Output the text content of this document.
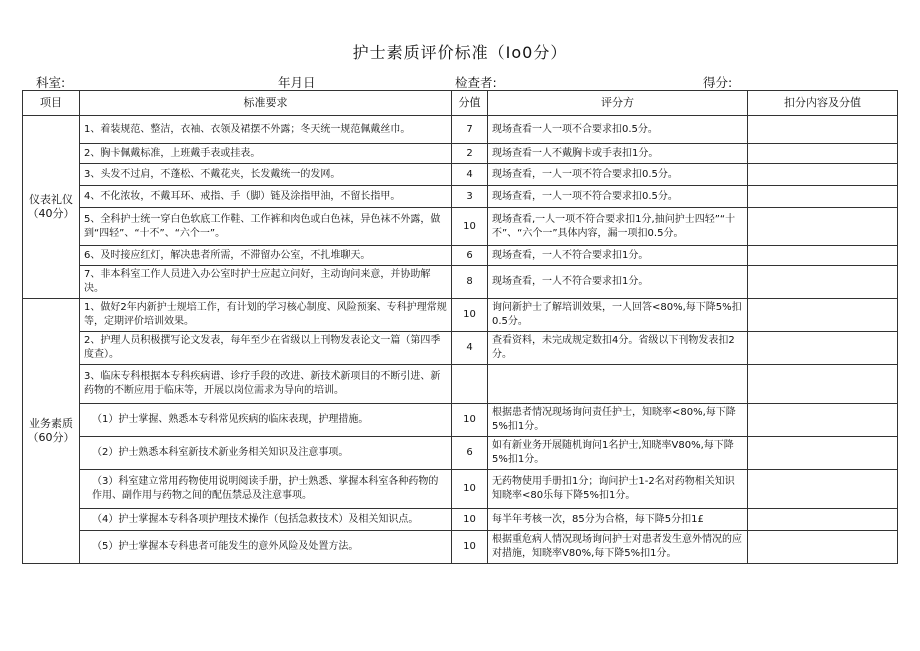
护士素质评价标准（Io0分）
科室:	年月日	检查者:	得分:
项目	标准要求	分值	评分方	扣分内容及分值
仪表礼仪（40分）	1、着装规范、整洁，衣袖、衣领及裙摆不外露；冬天统一规范佩戴丝巾。	7	现场查看一人一项不合要求扣0.5分。	
	2、胸卡佩戴标准，上班戴手表或挂表。	2	现场查看一人不戴胸卡或手表扣1分。	
	3、头发不过肩，不蓬松、不戴花夹，长发戴统一的发网。	4	现场查看，一人一项不符合要求扣0.5分。	
	4、不化浓妆，不戴耳环、戒指、手（脚）链及涂指甲油，不留长指甲。	3	现场查看，一人一项不符合要求扣0.5分。	
	5、全科护士统一穿白色软底工作鞋、工作裤和肉色或白色袜，异色袜不外露，做到“四轻”、“十不”、“六个一”。	10	现场查看,一人一项不符合要求扣1分,抽问护士四轻”“十不”、“六个一”具体内容，漏一项扣0.5分。	
	6、及时接应红灯，解决患者所需，不滞留办公室，不扎堆聊天。	6	现场查看，一人不符合要求扣1分。	
	7、非本科室工作人员进入办公室时护士应起立问好，主动询问来意，并协助解决。	8	现场查看，一人不符合要求扣1分。	
业务素质（60分）	1、做好2年内新护士规培工作，有计划的学习核心制度、风险预案、专科护理常规等，定期评价培训效果。	10	询问新护士了解培训效果，一人回答<80%,每下降5%扣0.5分。	
	2、护理人员积极撰写论文发表，每年至少在省级以上刊物发表论文一篇（第四季度查）。	4	查看资料，未完成规定数扣4分。省级以下刊物发表扣2分。	
	3、临床专科根据本专科疾病谱、诊疗手段的改进、新技术新项目的不断引进、新药物的不断应用于临床等，开展以岗位需求为导向的培训。			
	（1）护士掌握、熟悉本专科常见疾病的临床表现，护理措施。	10	根据患者情况现场询问责任护士，知晓率<80%,每下降5%扣1分。	
	（2）护士熟悉本科室新技术新业务相关知识及注意事项。	6	如有新业务开展随机询问1名护士,知晓率V80%,每下降5%扣1分。	
	（3）科室建立常用药物使用说明阅读手册，护士熟悉、掌握本科室各种药物的作用、副作用与药物之间的配伍禁忌及注意事项。	10	无药物使用手册扣1分；询问护士1-2名对药物相关知识知晓率<80乐每下降5%扣1分。	
	（4）护士掌握本专科各项护理技术操作（包括急救技术）及相关知识点。	10	每半年考核一次，85分为合格，每下降5分扣1£	
	（5）护士掌握本专科患者可能发生的意外风险及处置方法。	10	根据重危病人情况现场询问护士对患者发生意外情况的应对措施，知晓率V80%,每下降5%扣1分。	
